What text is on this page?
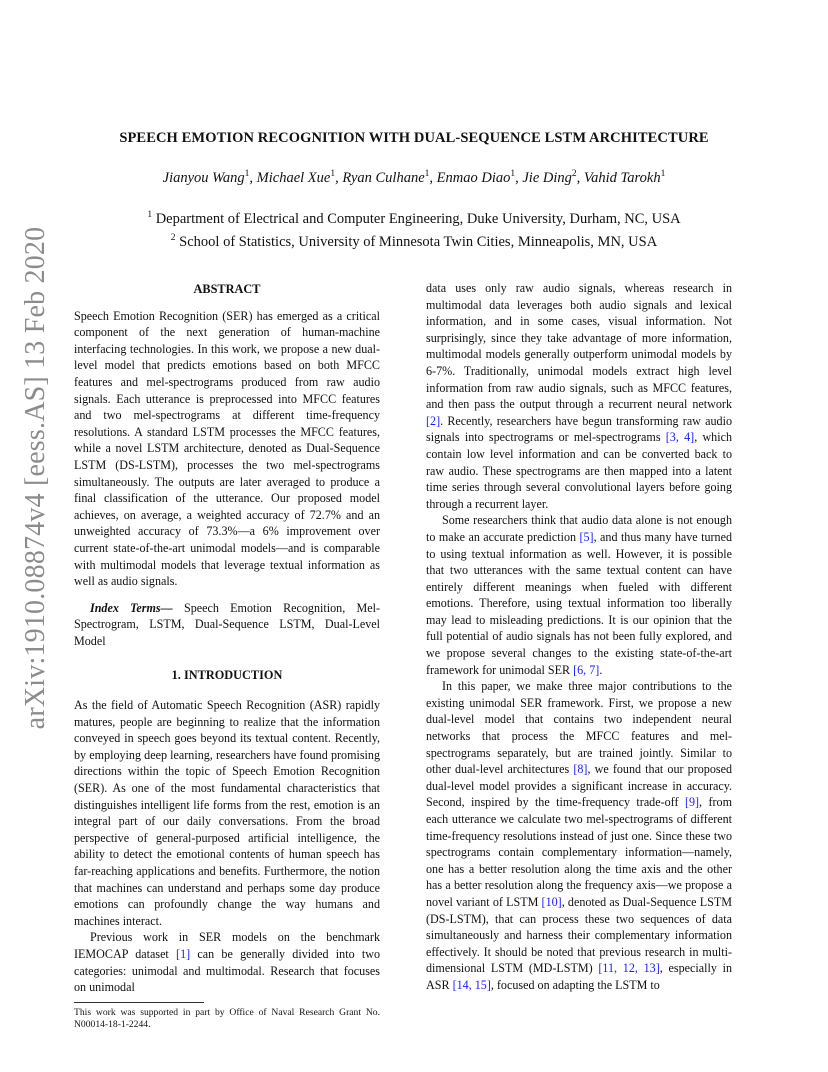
arXiv:1910.08874v4 [eess.AS] 13 Feb 2020
SPEECH EMOTION RECOGNITION WITH DUAL-SEQUENCE LSTM ARCHITECTURE
Jianyou Wang$^1$, Michael Xue$^1$, Ryan Culhane$^1$, Enmao Diao$^1$, Jie Ding$^2$, Vahid Tarokh$^1$
$^1$ Department of Electrical and Computer Engineering, Duke University, Durham, NC, USA
$^2$ School of Statistics, University of Minnesota Twin Cities, Minneapolis, MN, USA
ABSTRACT

Speech Emotion Recognition (SER) has emerged as a critical component of the next generation of human-machine interfacing technologies. In this work, we propose a new dual-level model that predicts emotions based on both MFCC features and mel-spectrograms produced from raw audio signals. Each utterance is preprocessed into MFCC features and two mel-spectrograms at different time-frequency resolutions. A standard LSTM processes the MFCC features, while a novel LSTM architecture, denoted as Dual-Sequence LSTM (DS-LSTM), processes the two mel-spectrograms simultaneously. The outputs are later averaged to produce a final classification of the utterance. Our proposed model achieves, on average, a weighted accuracy of 72.7% and an unweighted accuracy of 73.3%—a 6% improvement over current state-of-the-art unimodal models—and is comparable with multimodal models that leverage textual information as well as audio signals.

Index Terms— Speech Emotion Recognition, Mel-Spectrogram, LSTM, Dual-Sequence LSTM, Dual-Level Model

1. INTRODUCTION

As the field of Automatic Speech Recognition (ASR) rapidly matures, people are beginning to realize that the information conveyed in speech goes beyond its textual content. Recently, by employing deep learning, researchers have found promising directions within the topic of Speech Emotion Recognition (SER). As one of the most fundamental characteristics that distinguishes intelligent life forms from the rest, emotion is an integral part of our daily conversations. From the broad perspective of general-purposed artificial intelligence, the ability to detect the emotional contents of human speech has far-reaching applications and benefits. Furthermore, the notion that machines can understand and perhaps some day produce emotions can profoundly change the way humans and machines interact.

Previous work in SER models on the benchmark IEMOCAP dataset [1] can be generally divided into two categories: unimodal and multimodal. Research that focuses on unimodal

This work was supported in part by Office of Naval Research Grant No. N00014-18-1-2244.

data uses only raw audio signals, whereas research in multimodal data leverages both audio signals and lexical information, and in some cases, visual information. Not surprisingly, since they take advantage of more information, multimodal models generally outperform unimodal models by 6-7%. Traditionally, unimodal models extract high level information from raw audio signals, such as MFCC features, and then pass the output through a recurrent neural network [2]. Recently, researchers have begun transforming raw audio signals into spectrograms or mel-spectrograms [3, 4], which contain low level information and can be converted back to raw audio. These spectrograms are then mapped into a latent time series through several convolutional layers before going through a recurrent layer.

Some researchers think that audio data alone is not enough to make an accurate prediction [5], and thus many have turned to using textual information as well. However, it is possible that two utterances with the same textual content can have entirely different meanings when fueled with different emotions. Therefore, using textual information too liberally may lead to misleading predictions. It is our opinion that the full potential of audio signals has not been fully explored, and we propose several changes to the existing state-of-the-art framework for unimodal SER [6, 7].

In this paper, we make three major contributions to the existing unimodal SER framework. First, we propose a new dual-level model that contains two independent neural networks that process the MFCC features and mel-spectrograms separately, but are trained jointly. Similar to other dual-level architectures [8], we found that our proposed dual-level model provides a significant increase in accuracy. Second, inspired by the time-frequency trade-off [9], from each utterance we calculate two mel-spectrograms of different time-frequency resolutions instead of just one. Since these two spectrograms contain complementary information—namely, one has a better resolution along the time axis and the other has a better resolution along the frequency axis—we propose a novel variant of LSTM [10], denoted as Dual-Sequence LSTM (DS-LSTM), that can process these two sequences of data simultaneously and harness their complementary information effectively. It should be noted that previous research in multi-dimensional LSTM (MD-LSTM) [11, 12, 13], especially in ASR [14, 15], focused on adapting the LSTM to
